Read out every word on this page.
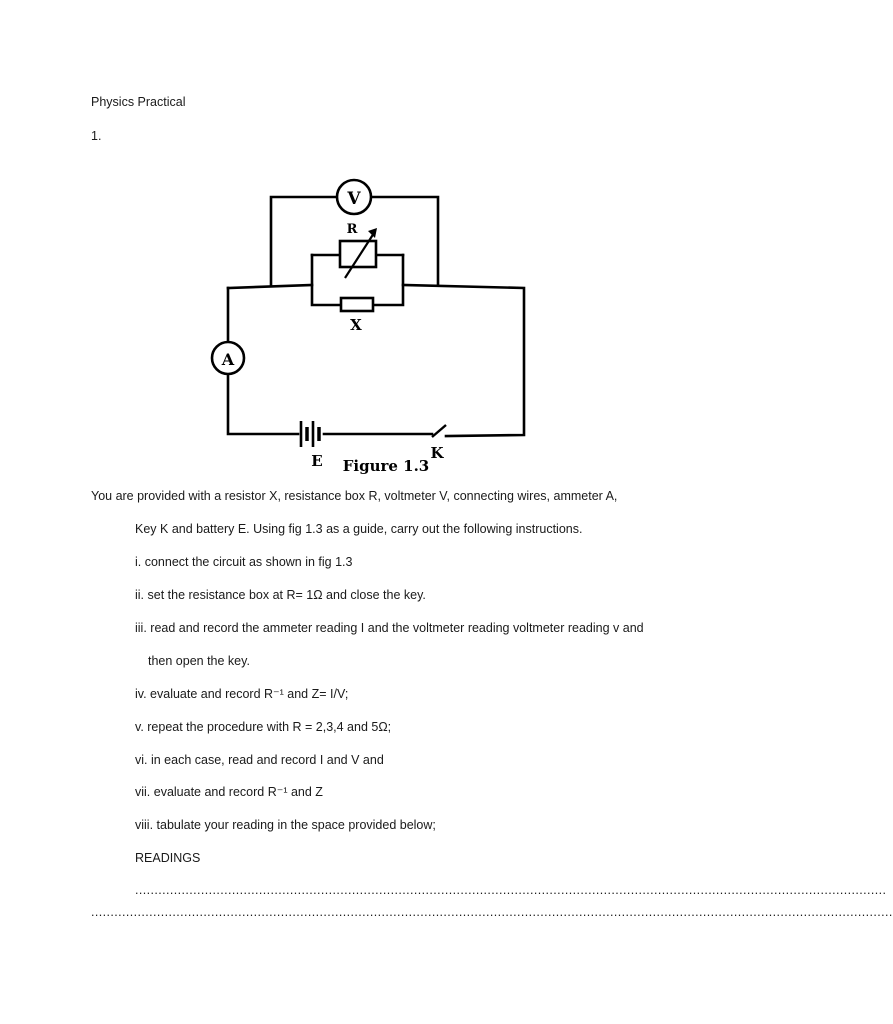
Physics Practical
1.
V
R
X
A
E	K
Figure 1.3
You are provided with a resistor X, resistance box R, voltmeter V, connecting wires, ammeter A,
Key K and battery E. Using fig 1.3 as a guide, carry out the following instructions.
i. connect the circuit as shown in fig 1.3
ii. set the resistance box at R= 1Ω and close the key.
iii. read and record the ammeter reading I and the voltmeter reading voltmeter reading v and
then open the key.
iv. evaluate and record R⁻¹ and Z= I/V;
v. repeat the procedure with R = 2,3,4 and 5Ω;
vi. in each case, read and record I and V and
vii. evaluate and record R⁻¹ and Z
viii. tabulate your reading in the space provided below;
READINGS
..................................................................................................................................................................................................
...............................................................................................................................................................................................................
